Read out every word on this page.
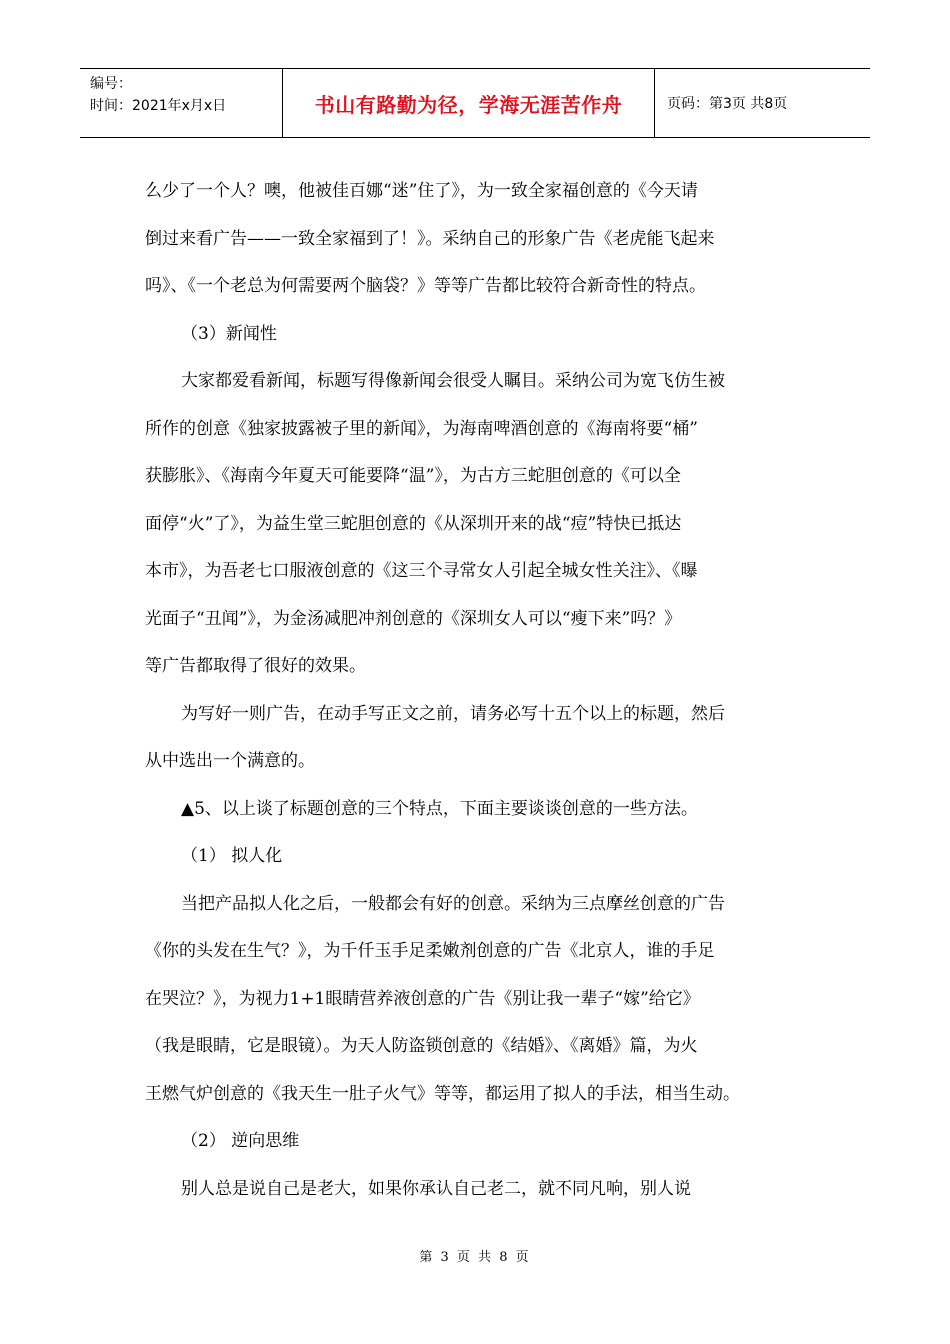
编号：
时间：2021年x月x日	书山有路勤为径，学海无涯苦作舟	页码：第3页 共8页

么少了一个人？噢，他被佳百娜“迷”住了》，为一致全家福创意的《今天请

倒过来看广告——一致全家福到了！》。采纳自己的形象广告《老虎能飞起来

吗》、《一个老总为何需要两个脑袋？》等等广告都比较符合新奇性的特点。

（3）新闻性

大家都爱看新闻，标题写得像新闻会很受人瞩目。采纳公司为宽飞仿生被

所作的创意《独家披露被子里的新闻》，为海南啤酒创意的《海南将要“桶”

获膨胀》、《海南今年夏天可能要降“温”》，为古方三蛇胆创意的《可以全

面停“火”了》，为益生堂三蛇胆创意的《从深圳开来的战“痘”特快已抵达

本市》，为吾老七口服液创意的《这三个寻常女人引起全城女性关注》、《曝

光面子“丑闻”》，为金汤减肥冲剂创意的《深圳女人可以“瘦下来”吗？》

等广告都取得了很好的效果。

为写好一则广告，在动手写正文之前，请务必写十五个以上的标题，然后

从中选出一个满意的。

▲5、以上谈了标题创意的三个特点，下面主要谈谈创意的一些方法。

（1） 拟人化

当把产品拟人化之后，一般都会有好的创意。采纳为三点摩丝创意的广告

《你的头发在生气？》，为千仟玉手足柔嫩剂创意的广告《北京人，谁的手足

在哭泣？》，为视力1+1眼睛营养液创意的广告《别让我一辈子“嫁”给它》

（我是眼睛，它是眼镜）。为天人防盗锁创意的《结婚》、《离婚》篇，为火

王燃气炉创意的《我天生一肚子火气》等等，都运用了拟人的手法，相当生动。

（2） 逆向思维

别人总是说自己是老大，如果你承认自己老二，就不同凡响，别人说

第 3 页 共 8 页
